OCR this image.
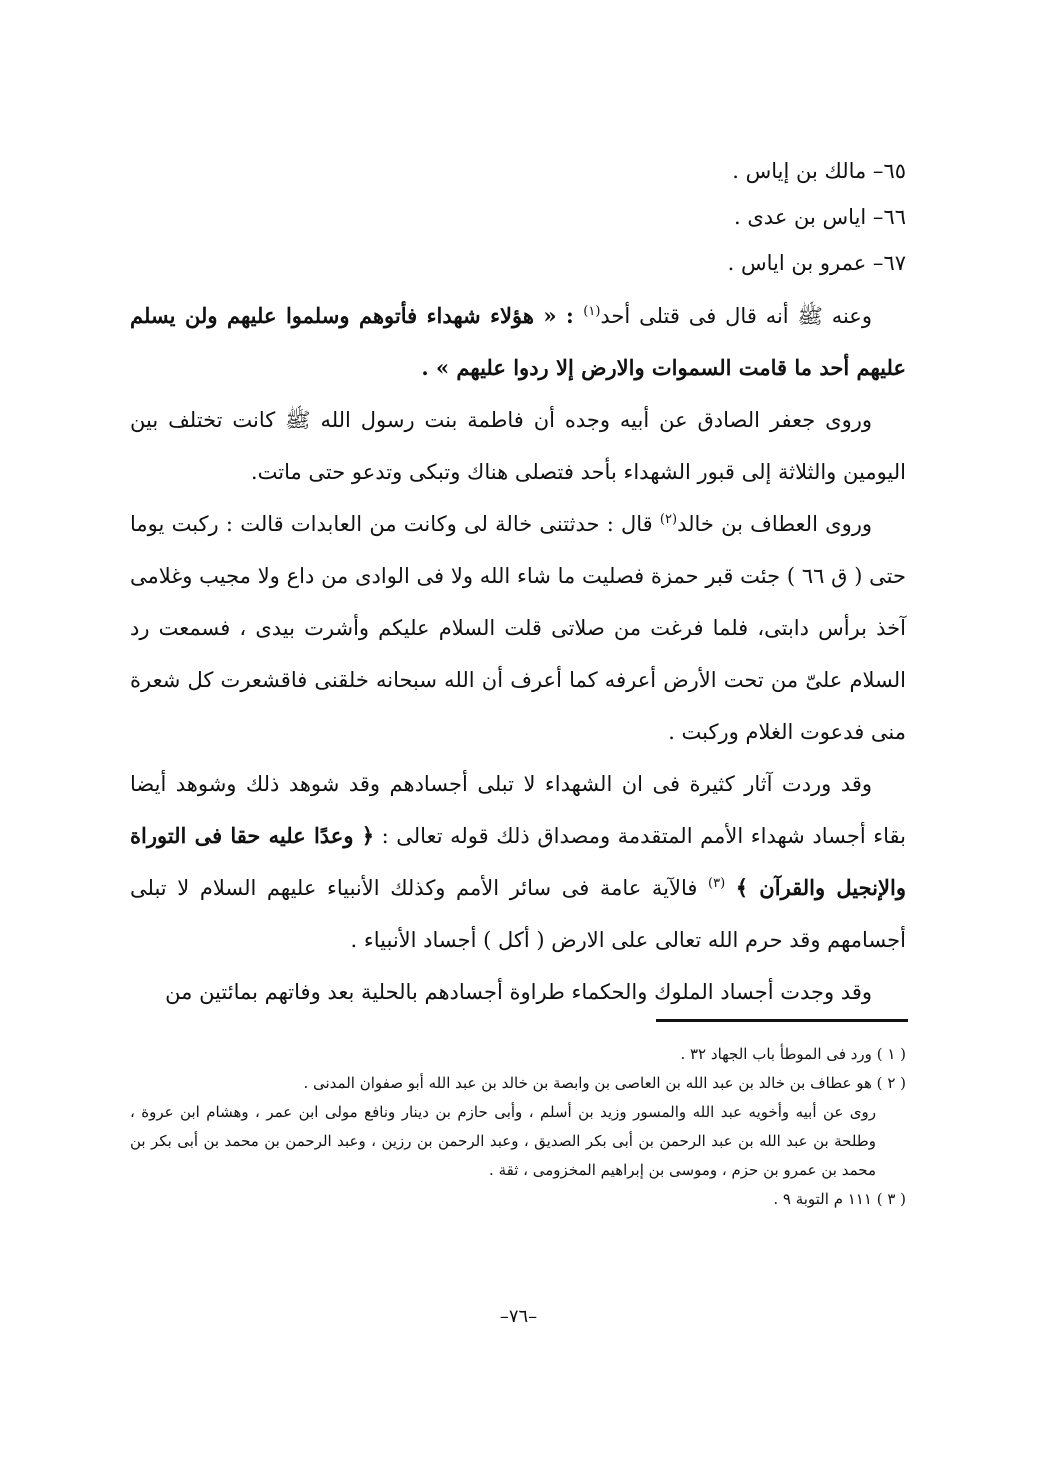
٦٥– مالك بن إياس .
٦٦– اياس بن عدى .
٦٧– عمرو بن اياس .

وعنه ﷺ أنه قال فى قتلى أحد$^{(١)}$ : « هؤلاء شهداء فأتوهم وسلموا عليهم ولن يسلم عليهم أحد ما قامت السموات والارض إلا ردوا عليهم » .

وروى جعفر الصادق عن أبيه وجده أن فاطمة بنت رسول الله ﷺ كانت تختلف بين اليومين والثلاثة إلى قبور الشهداء بأحد فتصلى هناك وتبكى وتدعو حتى ماتت.

وروى العطاف بن خالد$^{(٢)}$ قال : حدثتنى خالة لى وكانت من العابدات قالت : ركبت يوما حتى ( ق ٦٦ ) جئت قبر حمزة فصليت ما شاء الله ولا فى الوادى من داع ولا مجيب وغلامى آخذ برأس دابتى، فلما فرغت من صلاتى قلت السلام عليكم وأشرت بيدى ، فسمعت رد السلام علىّ من تحت الأرض أعرفه كما أعرف أن الله سبحانه خلقنى فاقشعرت كل شعرة منى فدعوت الغلام وركبت .

وقد وردت آثار كثيرة فى ان الشهداء لا تبلى أجسادهم وقد شوهد ذلك وشوهد أيضا بقاء أجساد شهداء الأمم المتقدمة ومصداق ذلك قوله تعالى : ﴿ وعدًا عليه حقا فى التوراة والإنجيل والقرآن ﴾ $^{(٣)}$ فالآية عامة فى سائر الأمم وكذلك الأنبياء عليهم السلام لا تبلى أجسامهم وقد حرم الله تعالى على الارض ( أكل ) أجساد الأنبياء .

وقد وجدت أجساد الملوك والحكماء طراوة أجسادهم بالحلية بعد وفاتهم بمائتين من

( ١ ) ورد فى الموطأ باب الجهاد ٣٢ .

( ٢ ) هو عطاف بن خالد بن عبد الله بن العاصى بن وابصة بن خالد بن عبد الله أبو صفوان المدنى .

روى عن أبيه وأخويه عبد الله والمسور وزيد بن أسلم ، وأبى حازم بن دينار ونافع مولى ابن عمر ، وهشام ابن عروة ، وطلحة بن عبد الله بن عبد الرحمن بن أبى بكر الصديق ، وعبد الرحمن بن رزين ، وعبد الرحمن بن محمد بن أبى بكر بن محمد بن عمرو بن حزم ، وموسى بن إبراهيم المخزومى ، ثقة .

( ٣ ) ١١١ م التوبة ٩ .

–٧٦–
